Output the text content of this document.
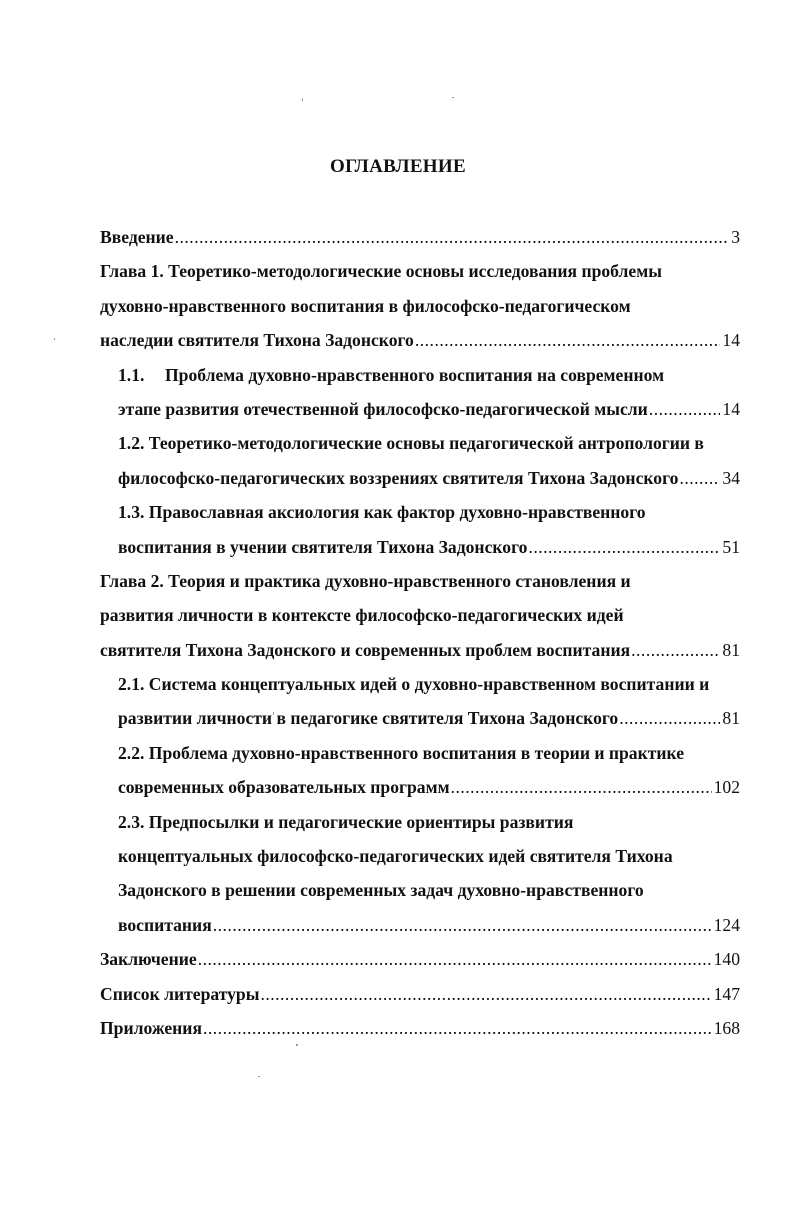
ОГЛАВЛЕНИЕ
Введение .....	3
Глава 1. Теоретико-методологические основы исследования проблемы
духовно-нравственного воспитания в философско-педагогическом
наследии святителя Тихона Задонского .....	14
1.1. Проблема духовно-нравственного воспитания на современном
этапе развития отечественной философско-педагогической мысли .....	14
1.2. Теоретико-методологические основы педагогической антропологии в
философско-педагогических воззрениях святителя Тихона Задонского ..... 34
1.3. Православная аксиология как фактор духовно-нравственного
воспитания в учении святителя Тихона Задонского .....	51
Глава 2. Теория и практика духовно-нравственного становления и
развития личности в контексте философско-педагогических идей
святителя Тихона Задонского и современных проблем воспитания .....	81
2.1. Система концептуальных идей о духовно-нравственном воспитании и
развитии личности в педагогике святителя Тихона Задонского .....	81
2.2. Проблема духовно-нравственного воспитания в теории и практике
современных образовательных программ .....	102
2.3. Предпосылки и педагогические ориентиры развития
концептуальных философско-педагогических идей святителя Тихона
Задонского в решении современных задач духовно-нравственного
воспитания .....	124
Заключение .....	140
Список литературы .....	147
Приложения .....	168
